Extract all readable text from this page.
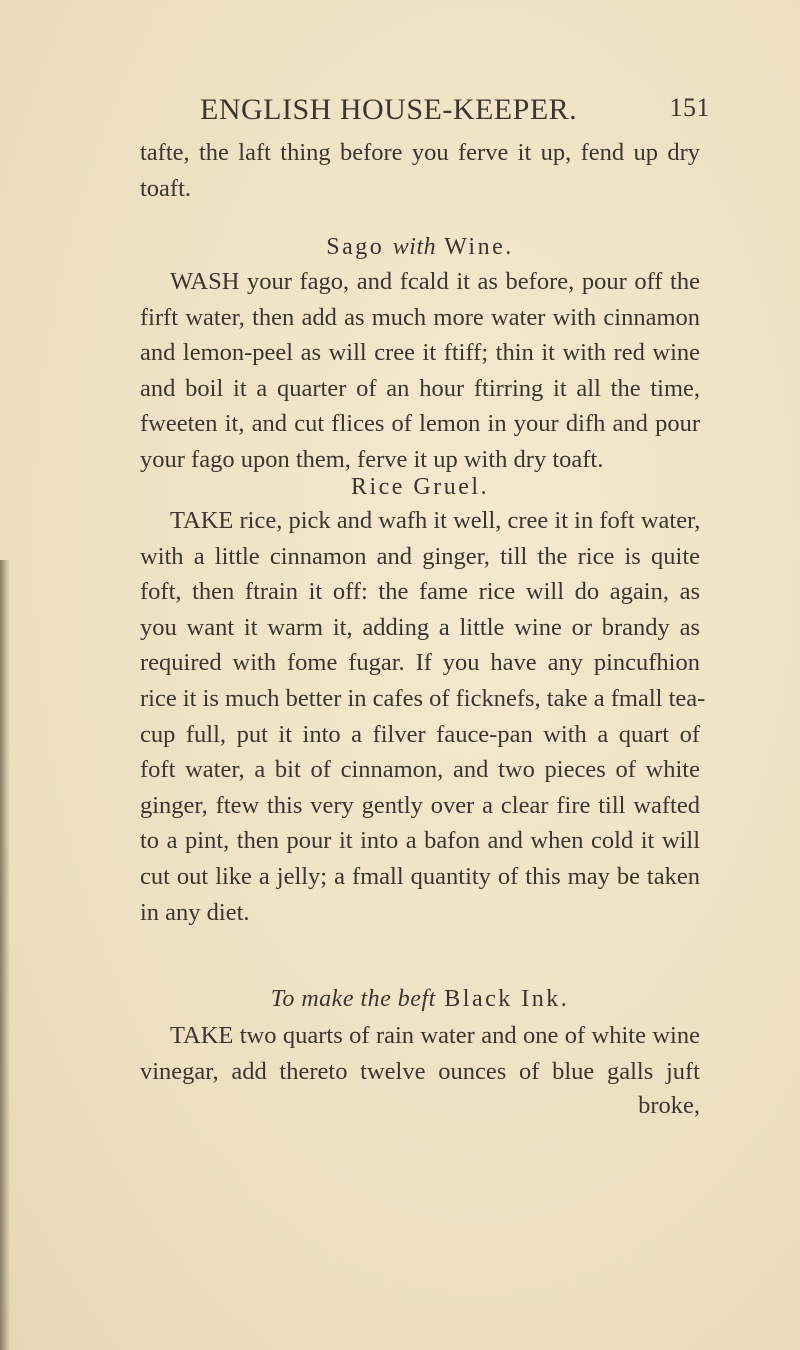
ENGLISH HOUSE-KEEPER.	151
tafte, the laft thing before you ferve it up, fend up dry
toaft.
Sago with Wine.
WASH your fago, and fcald it as before, pour off the
firft water, then add as much more water with cinnamon
and lemon-peel as will cree it ftiff; thin it with red wine
and boil it a quarter of an hour ftirring it all the time,
fweeten it, and cut flices of lemon in your difh and pour
your fago upon them, ferve it up with dry toaft.
Rice Gruel.
TAKE rice, pick and wafh it well, cree it in foft water,
with a little cinnamon and ginger, till the rice is quite
foft, then ftrain it off: the fame rice will do again, as
you want it warm it, adding a little wine or brandy as
required with fome fugar. If you have any pincufhion
rice it is much better in cafes of ficknefs, take a fmall tea-
cup full, put it into a filver fauce-pan with a quart of
foft water, a bit of cinnamon, and two pieces of white
ginger, ftew this very gently over a clear fire till wafted
to a pint, then pour it into a bafon and when cold it will
cut out like a jelly; a fmall quantity of this may be taken
in any diet.
To make the beft Black Ink.
TAKE two quarts of rain water and one of white wine
vinegar, add thereto twelve ounces of blue galls juft
broke,
